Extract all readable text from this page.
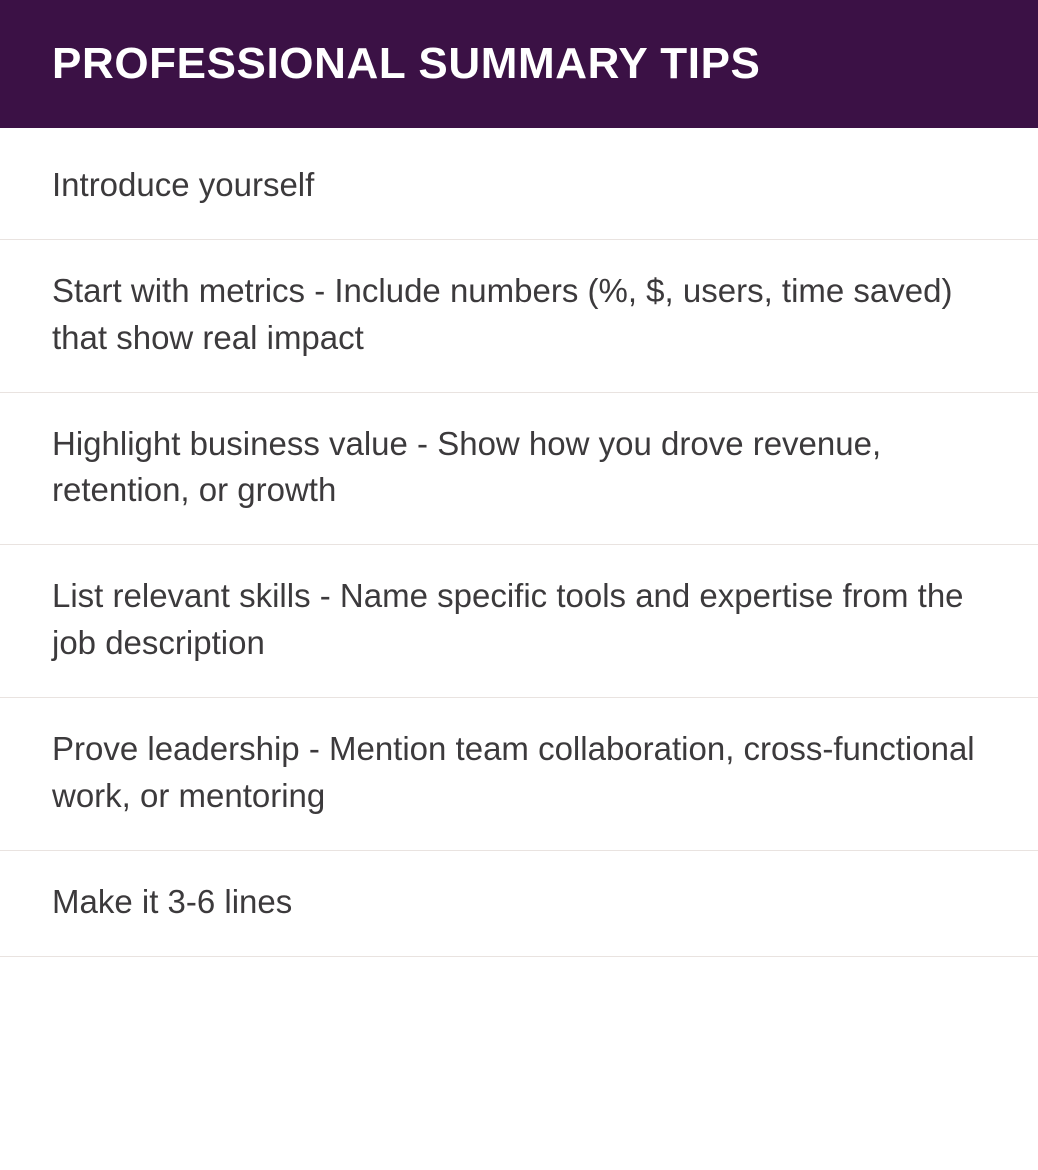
PROFESSIONAL SUMMARY TIPS
Introduce yourself
Start with metrics - Include numbers (%, $, users, time saved) that show real impact
Highlight business value - Show how you drove revenue, retention, or growth
List relevant skills - Name specific tools and expertise from the job description
Prove leadership - Mention team collaboration, cross-functional work, or mentoring
Make it 3-6 lines
